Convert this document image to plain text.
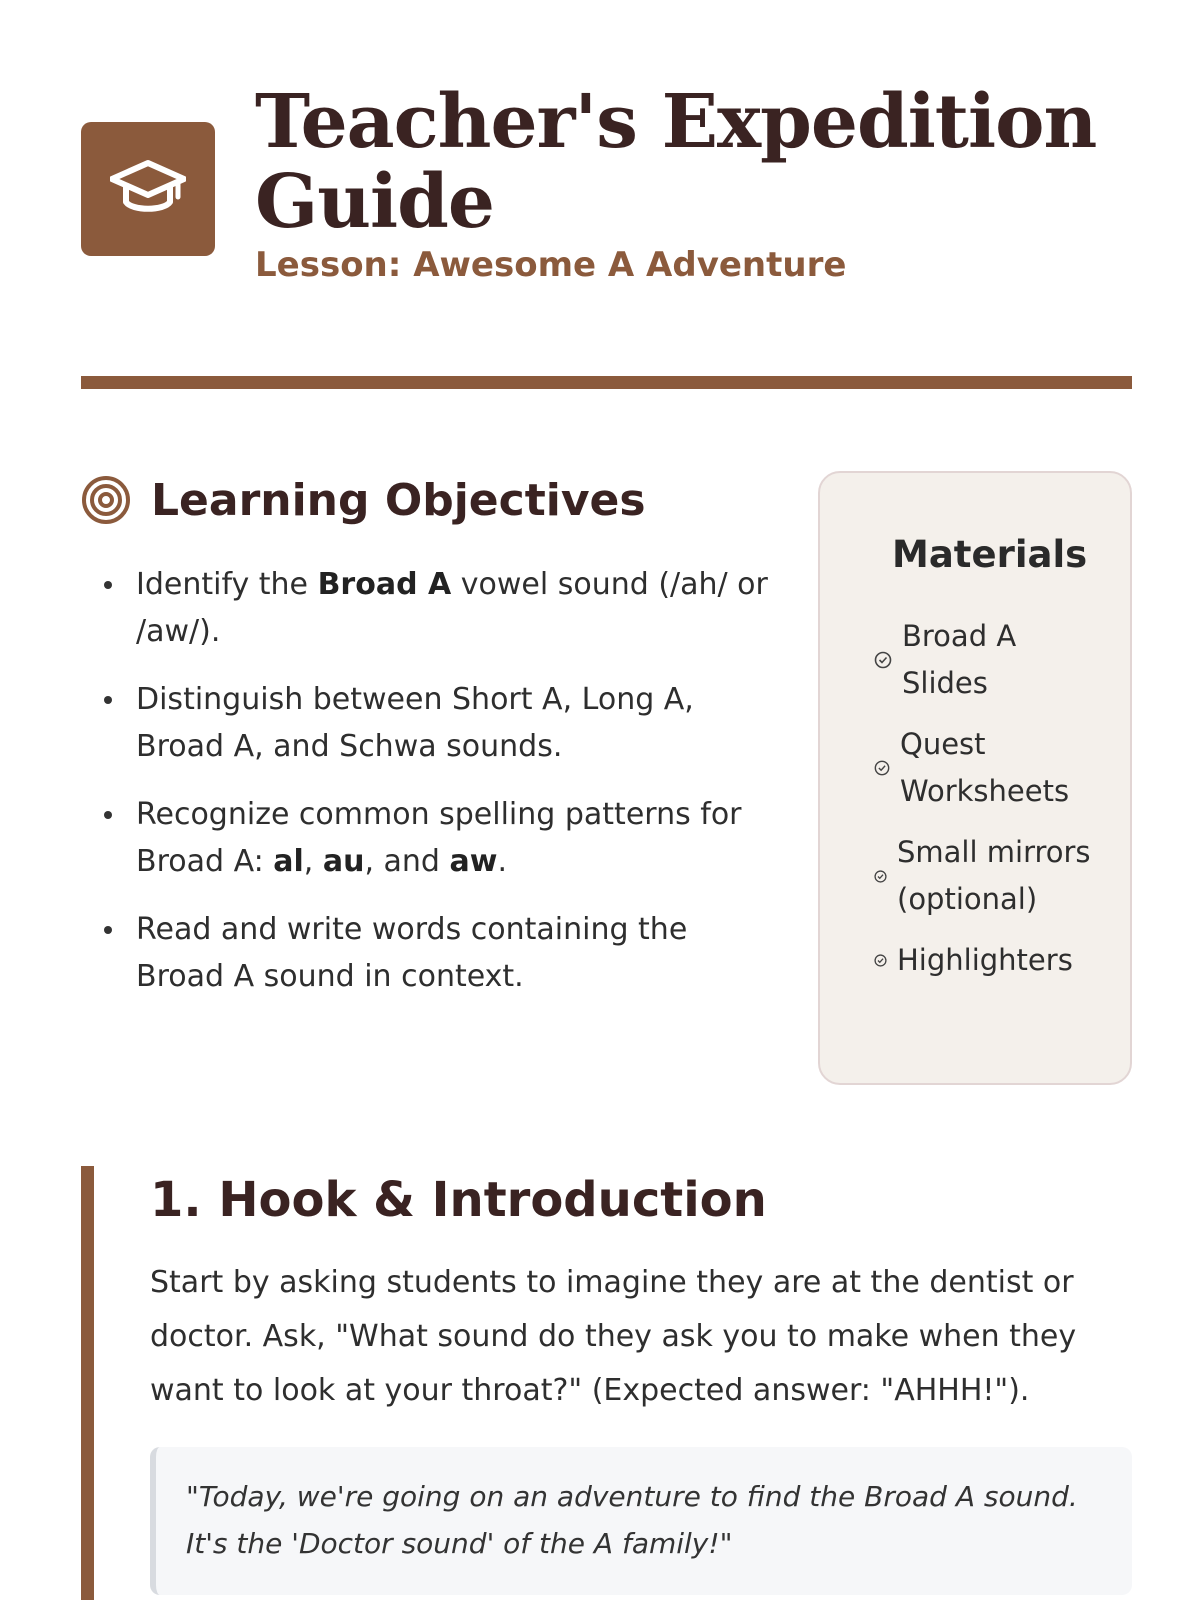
Teacher's Expedition Guide
Lesson: Awesome A Adventure
Learning Objectives
Identify the Broad A vowel sound (/ah/ or /aw/).
Distinguish between Short A, Long A, Broad A, and Schwa sounds.
Recognize common spelling patterns for Broad A: al, au, and aw.
Read and write words containing the Broad A sound in context.
Materials
Broad A Slides
Quest Worksheets
Small mirrors (optional)
Highlighters
1. Hook & Introduction

Start by asking students to imagine they are at the dentist or doctor. Ask, "What sound do they ask you to make when they want to look at your throat?" (Expected answer: "AHHH!").

"Today, we're going on an adventure to find the Broad A sound. It's the 'Doctor sound' of the A family!"
